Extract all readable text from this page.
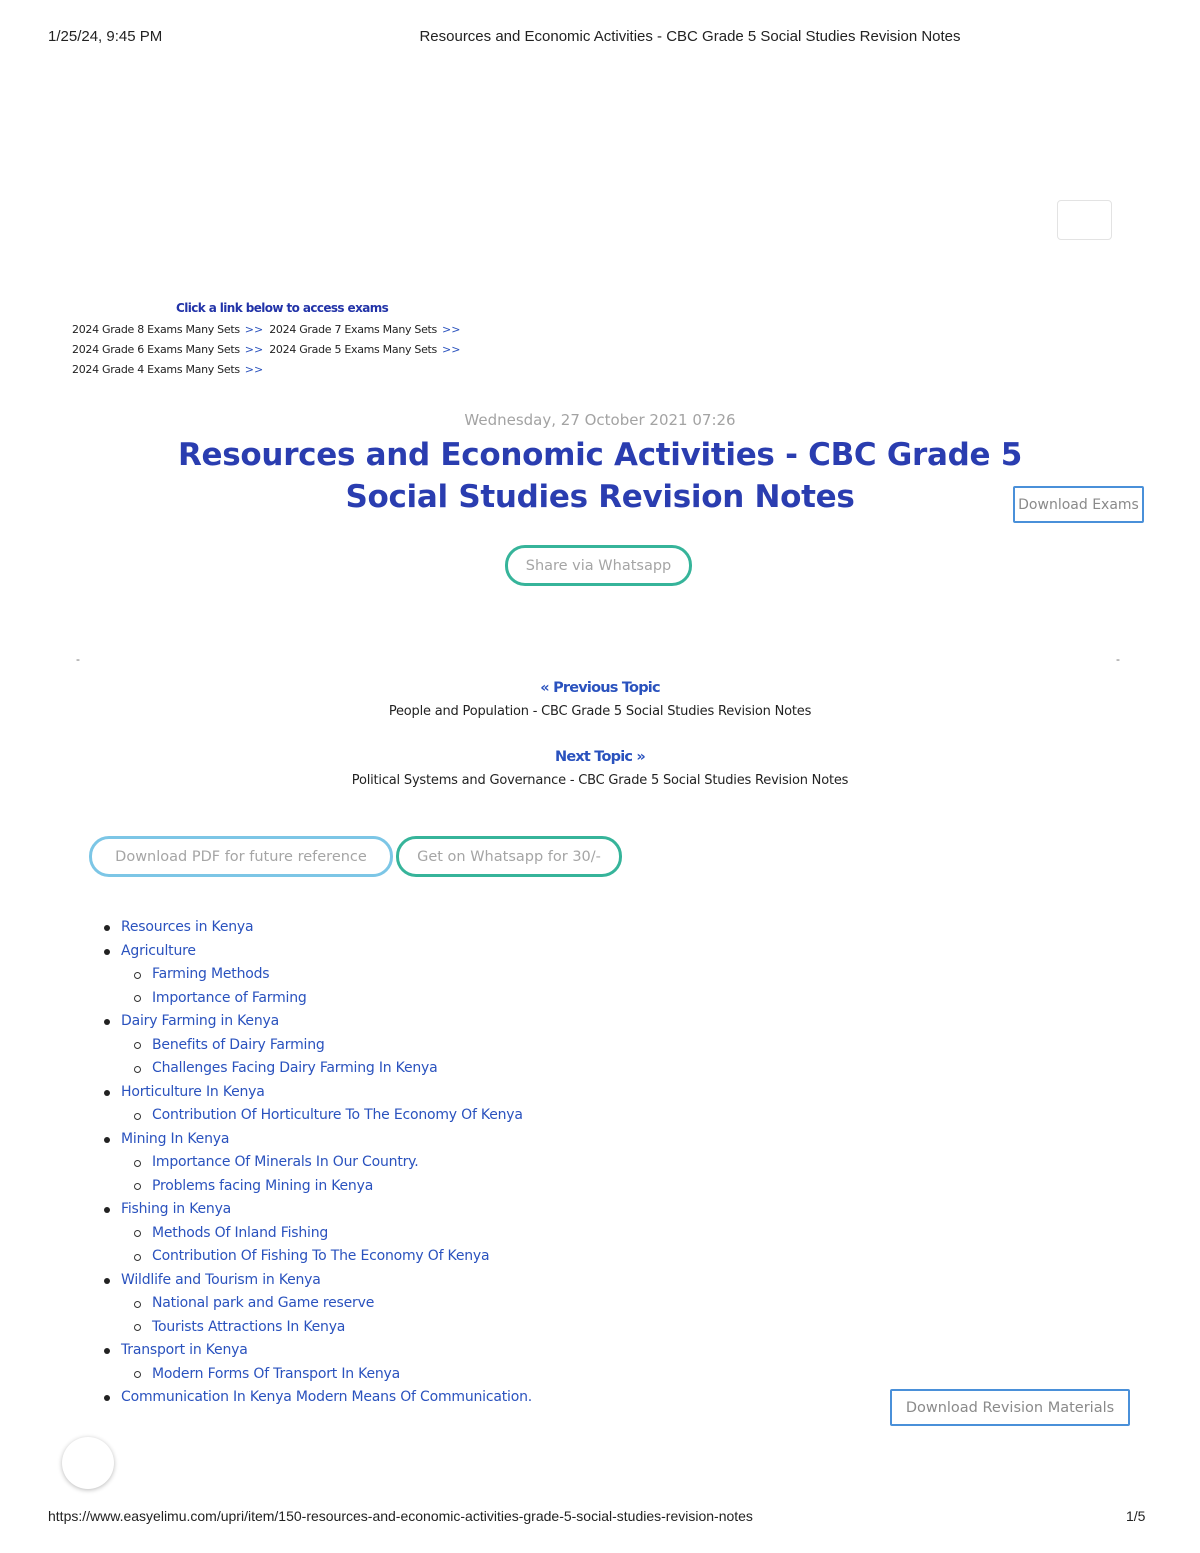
1/25/24, 9:45 PM	Resources and Economic Activities - CBC Grade 5 Social Studies Revision Notes
Click a link below to access exams
2024 Grade 8 Exams Many Sets >> 2024 Grade 7 Exams Many Sets >>
2024 Grade 6 Exams Many Sets >> 2024 Grade 5 Exams Many Sets >>
2024 Grade 4 Exams Many Sets >>
Wednesday, 27 October 2021 07:26
Resources and Economic Activities - CBC Grade 5 Social Studies Revision Notes	Download Exams
Share via Whatsapp
-	-
« Previous Topic
People and Population - CBC Grade 5 Social Studies Revision Notes
Next Topic »
Political Systems and Governance - CBC Grade 5 Social Studies Revision Notes
Download PDF for future reference	Get on Whatsapp for 30/-
Resources in Kenya
Agriculture
Farming Methods
Importance of Farming
Dairy Farming in Kenya
Benefits of Dairy Farming
Challenges Facing Dairy Farming In Kenya
Horticulture In Kenya
Contribution Of Horticulture To The Economy Of Kenya
Mining In Kenya
Importance Of Minerals In Our Country.
Problems facing Mining in Kenya
Fishing in Kenya
Methods Of Inland Fishing
Contribution Of Fishing To The Economy Of Kenya
Wildlife and Tourism in Kenya
National park and Game reserve
Tourists Attractions In Kenya
Transport in Kenya
Modern Forms Of Transport In Kenya
Communication In Kenya Modern Means Of Communication.
Download Revision Materials
https://www.easyelimu.com/upri/item/150-resources-and-economic-activities-grade-5-social-studies-revision-notes	1/5
